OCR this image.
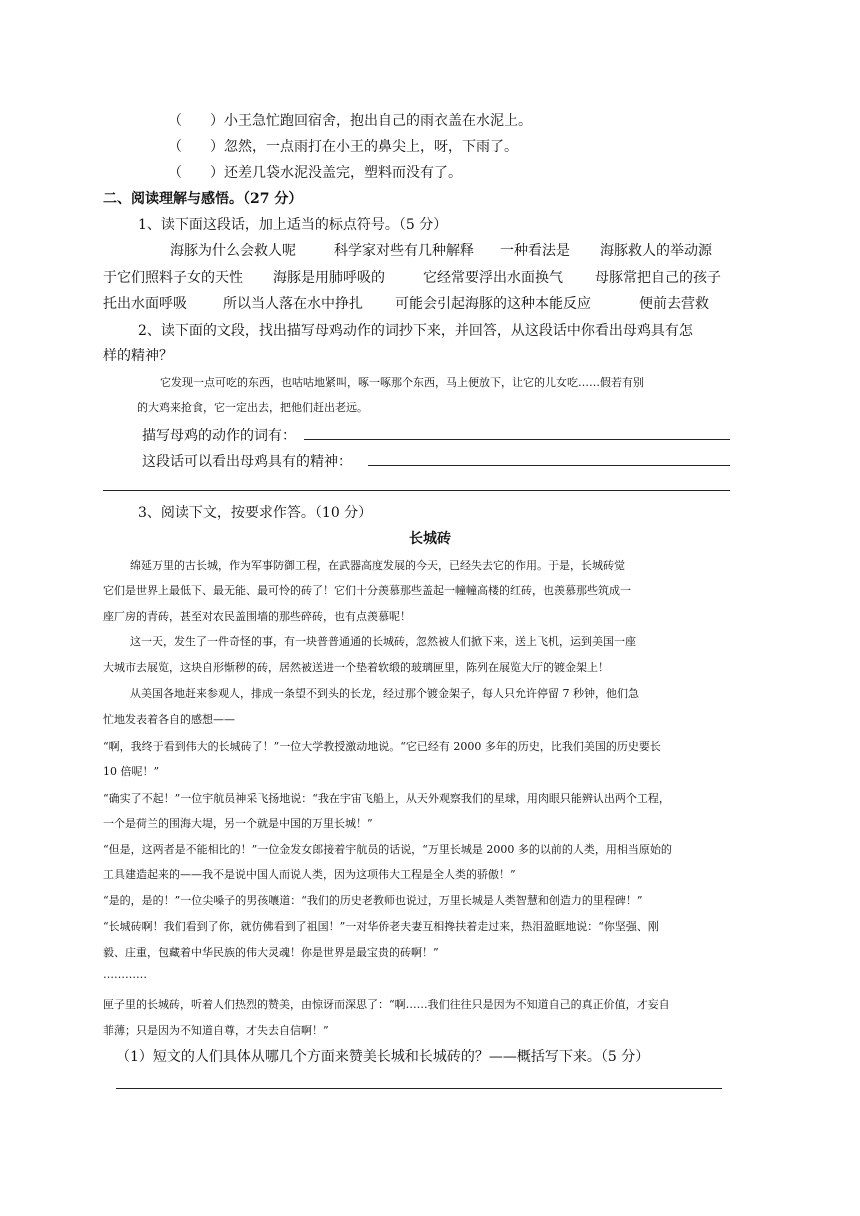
（　　）小王急忙跑回宿舍，抱出自己的雨衣盖在水泥上。
（　　）忽然，一点雨打在小王的鼻尖上，呀，下雨了。
（　　）还差几袋水泥没盖完，塑料而没有了。
二、阅读理解与感悟。（27 分）
1、读下面这段话，加上适当的标点符号。（5 分）
海豚为什么会救人呢	科学家对些有几种解释 一种看法是 海豚救人的举动源
于它们照料子女的天性 海豚是用肺呼吸的	它经常要浮出水面换气 母豚常把自己的孩子
托出水面呼吸	所以当人落在水中挣扎 可能会引起海豚的这种本能反应	便前去营救
2、读下面的文段，找出描写母鸡动作的词抄下来，并回答，从这段话中你看出母鸡具有怎
样的精神？
它发现一点可吃的东西，也咕咕地紧叫，啄一啄那个东西，马上便放下，让它的儿女吃……假若有别
的大鸡来抢食，它一定出去，把他们赶出老远。
描写母鸡的动作的词有：
这段话可以看出母鸡具有的精神：
3、阅读下文，按要求作答。（10 分）
长城砖
绵延万里的古长城，作为军事防御工程，在武器高度发展的今天，已经失去它的作用。于是，长城砖觉
它们是世界上最低下、最无能、最可怜的砖了！它们十分羡慕那些盖起一幢幢高楼的红砖，也羡慕那些筑成一
座厂房的青砖，甚至对农民盖围墙的那些碎砖，也有点羡慕呢！
这一天，发生了一件奇怪的事，有一块普普通通的长城砖，忽然被人们掀下来，送上飞机，运到美国一座
大城市去展览，这块自形惭秽的砖，居然被送进一个垫着软缎的玻璃匣里，陈列在展览大厅的镀金架上！
从美国各地赶来参观人，排成一条望不到头的长龙，经过那个镀金架子，每人只允许停留 7 秒钟，他们急
忙地发表着各自的感想——
“啊，我终于看到伟大的长城砖了！”一位大学教授激动地说。“它已经有 2000 多年的历史，比我们美国的历史要长
10 倍呢！”
“确实了不起！”一位宇航员神采飞扬地说：“我在宇宙飞船上，从天外观察我们的星球，用肉眼只能辨认出两个工程，
一个是荷兰的围海大堤，另一个就是中国的万里长城！”
“但是，这两者是不能相比的！”一位金发女郎接着宇航员的话说，“万里长城是 2000 多的以前的人类，用相当原始的
工具建造起来的——我不是说中国人而说人类，因为这项伟大工程是全人类的骄傲！”
“是的，是的！”一位尖嗓子的男孩嚷道：“我们的历史老教师也说过，万里长城是人类智慧和创造力的里程碑！”
“长城砖啊！我们看到了你，就仿佛看到了祖国！”一对华侨老夫妻互相搀扶着走过来，热泪盈眶地说：“你坚强、刚
毅、庄重，包藏着中华民族的伟大灵魂！你是世界是最宝贵的砖啊！”
…………
匣子里的长城砖，听着人们热烈的赞美，由惊讶而深思了：“啊……我们往往只是因为不知道自己的真正价值，才妄自
菲薄；只是因为不知道自尊，才失去自信啊！”
（1）短文的人们具体从哪几个方面来赞美长城和长城砖的？——概括写下来。（5 分）
